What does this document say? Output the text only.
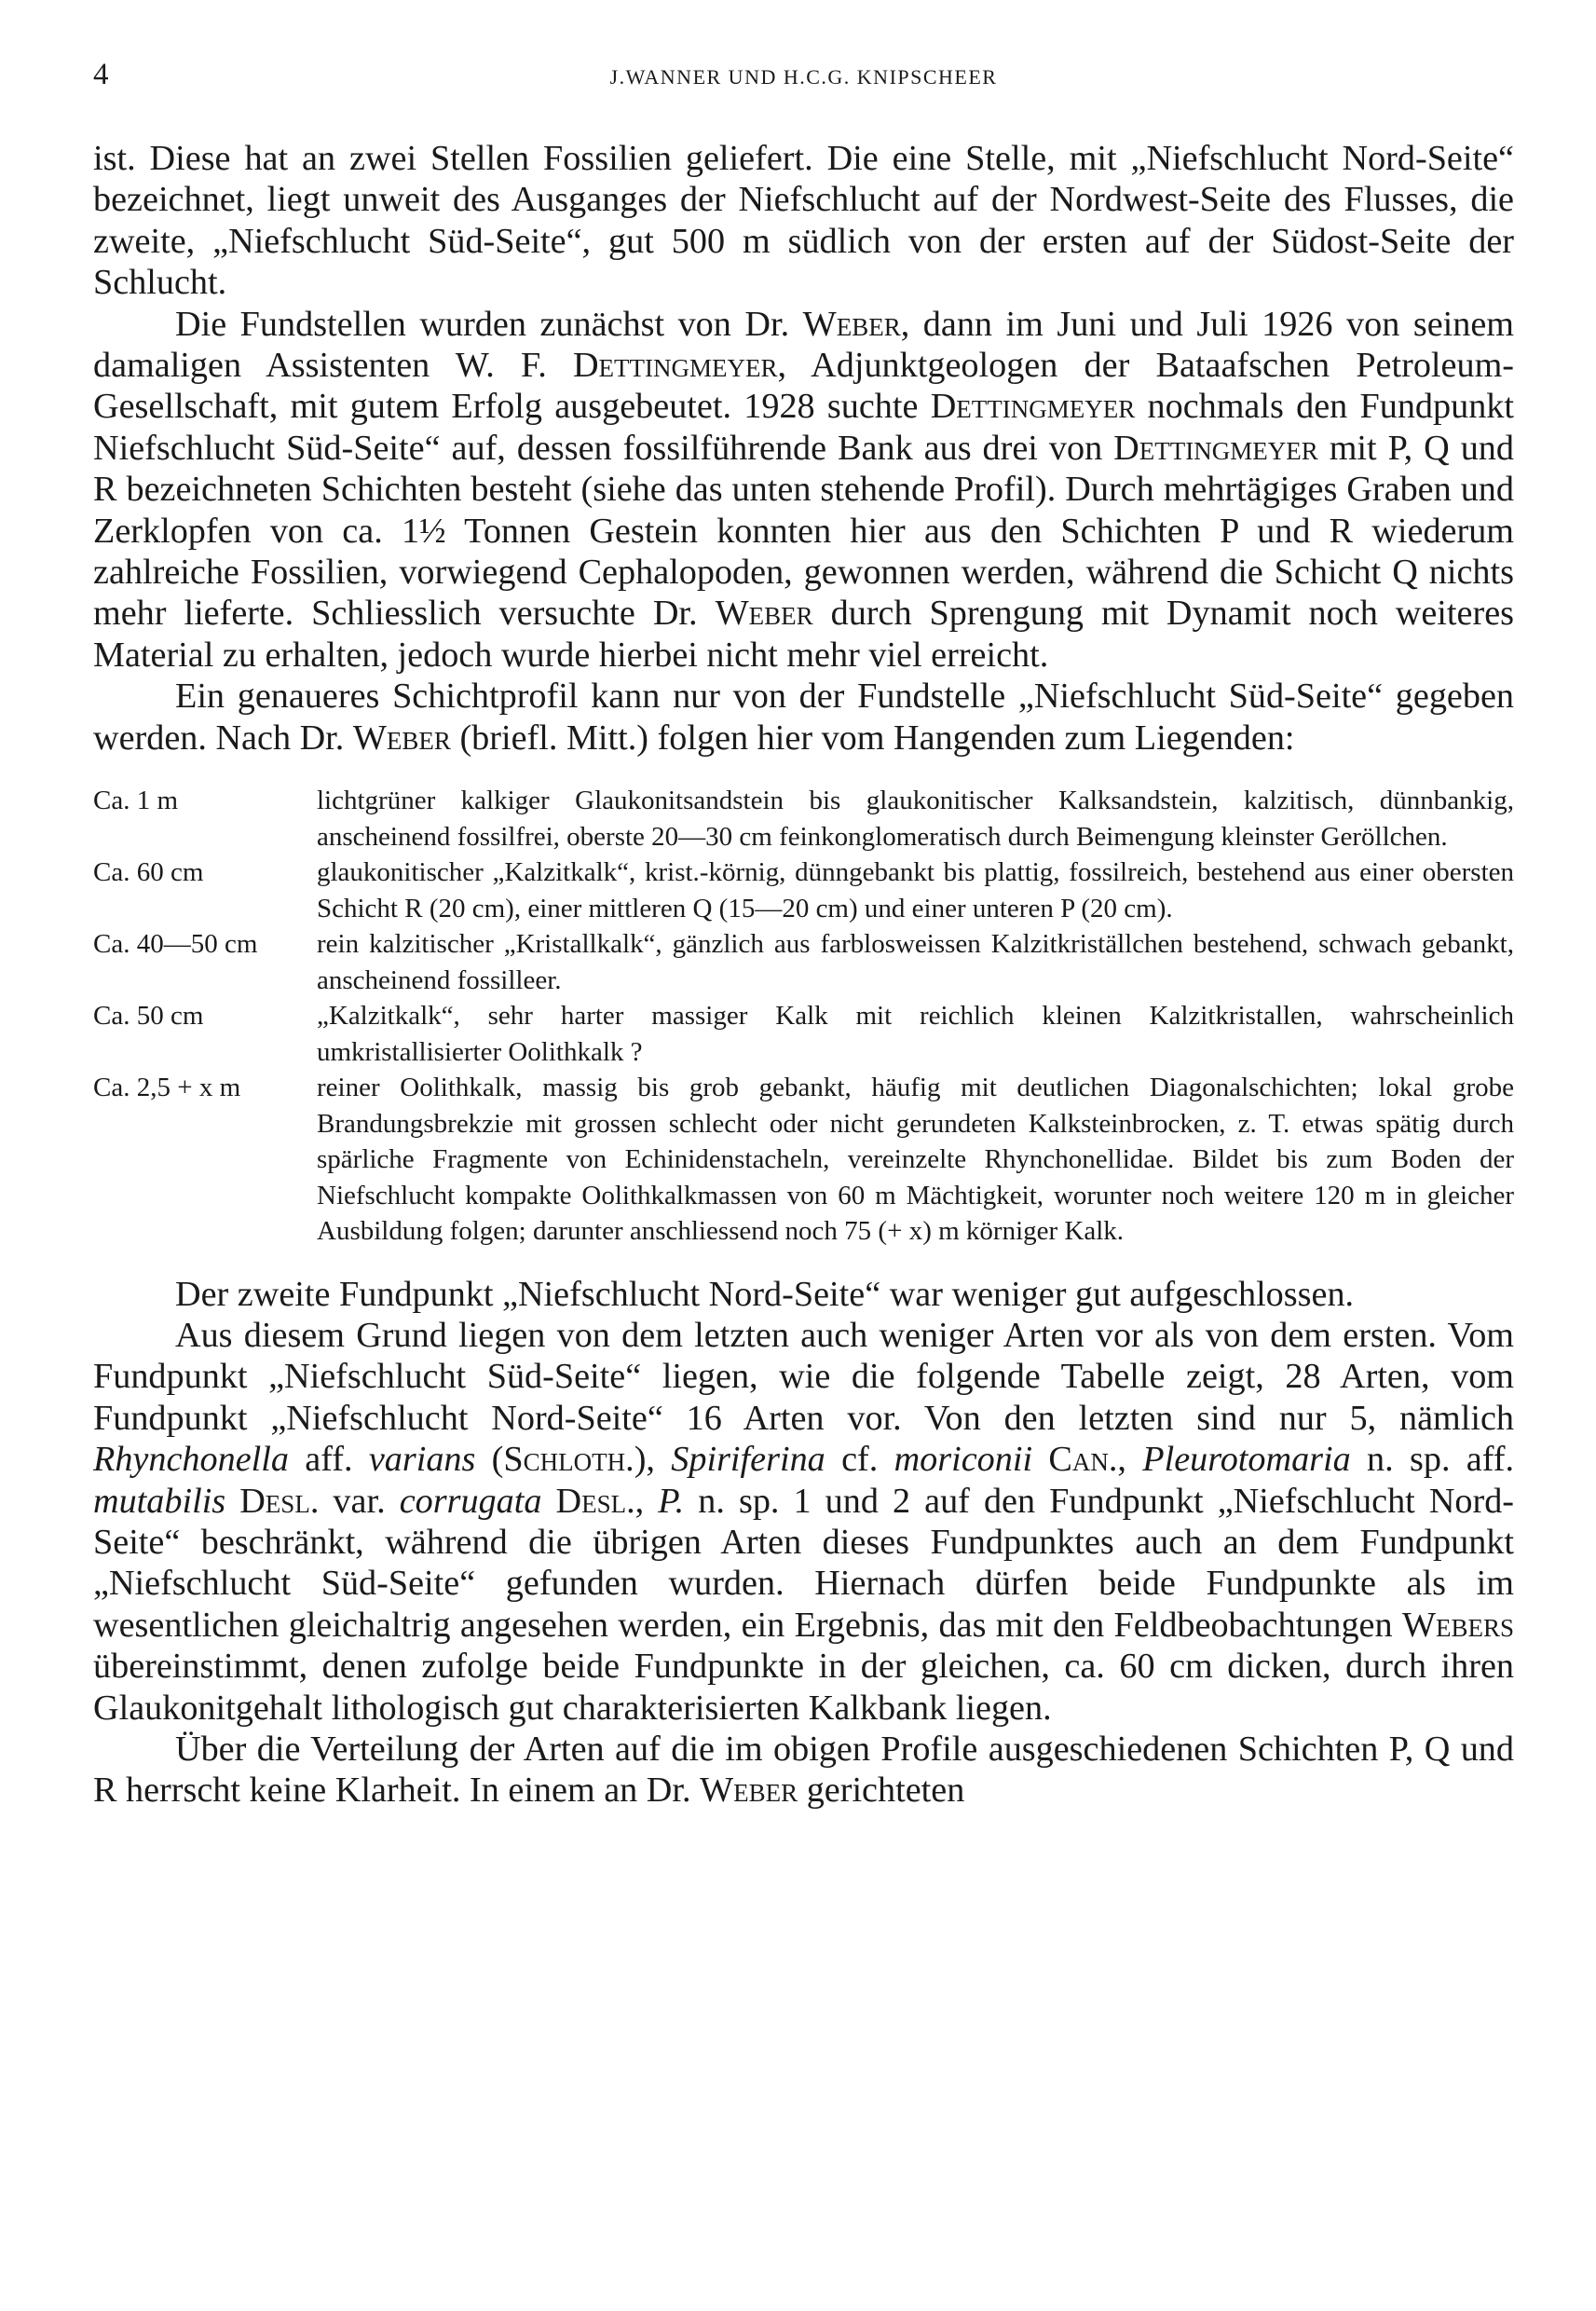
4	J.WANNER UND H.C.G. KNIPSCHEER

ist. Diese hat an zwei Stellen Fossilien geliefert. Die eine Stelle, mit „Niefschlucht Nord-Seite“ bezeichnet, liegt unweit des Ausganges der Niefschlucht auf der Nordwest-Seite des Flusses, die zweite, „Niefschlucht Süd-Seite“, gut 500 m südlich von der ersten auf der Südost-Seite der Schlucht.

Die Fundstellen wurden zunächst von Dr. Weber, dann im Juni und Juli 1926 von seinem damaligen Assistenten W. F. Dettingmeyer, Adjunktgeologen der Bataafschen Petroleum-Gesellschaft, mit gutem Erfolg ausgebeutet. 1928 suchte Dettingmeyer nochmals den Fundpunkt Niefschlucht Süd-Seite“ auf, dessen fossilführende Bank aus drei von Dettingmeyer mit P, Q und R bezeichneten Schichten besteht (siehe das unten stehende Profil). Durch mehrtägiges Graben und Zerklopfen von ca. 1½ Tonnen Gestein konnten hier aus den Schichten P und R wiederum zahlreiche Fossilien, vorwiegend Cephalopoden, gewonnen werden, während die Schicht Q nichts mehr lieferte. Schliesslich versuchte Dr. Weber durch Sprengung mit Dynamit noch weiteres Material zu erhalten, jedoch wurde hierbei nicht mehr viel erreicht.

Ein genaueres Schichtprofil kann nur von der Fundstelle „Niefschlucht Süd-Seite“ gegeben werden. Nach Dr. Weber (briefl. Mitt.) folgen hier vom Hangenden zum Liegenden:

Ca. 1 m	lichtgrüner kalkiger Glaukonitsandstein bis glaukonitischer Kalksandstein, kalzitisch, dünnbankig, anscheinend fossilfrei, oberste 20—30 cm feinkonglomeratisch durch Beimengung kleinster Geröllchen.
Ca. 60 cm	glaukonitischer „Kalzitkalk“, krist.-körnig, dünngebankt bis plattig, fossilreich, bestehend aus einer obersten Schicht R (20 cm), einer mittleren Q (15—20 cm) und einer unteren P (20 cm).
Ca. 40—50 cm	rein kalzitischer „Kristallkalk“, gänzlich aus farblosweissen Kalzitkriställchen bestehend, schwach gebankt, anscheinend fossilleer.
Ca. 50 cm	„Kalzitkalk“, sehr harter massiger Kalk mit reichlich kleinen Kalzitkristallen, wahrscheinlich umkristallisierter Oolithkalk ?
Ca. 2,5 + x m	reiner Oolithkalk, massig bis grob gebankt, häufig mit deutlichen Diagonalschichten; lokal grobe Brandungsbrekzie mit grossen schlecht oder nicht gerundeten Kalksteinbrocken, z. T. etwas spätig durch spärliche Fragmente von Echinidenstacheln, vereinzelte Rhynchonellidae. Bildet bis zum Boden der Niefschlucht kompakte Oolithkalkmassen von 60 m Mächtigkeit, worunter noch weitere 120 m in gleicher Ausbildung folgen; darunter anschliessend noch 75 (+ x) m körniger Kalk.

Der zweite Fundpunkt „Niefschlucht Nord-Seite“ war weniger gut aufgeschlossen.

Aus diesem Grund liegen von dem letzten auch weniger Arten vor als von dem ersten. Vom Fundpunkt „Niefschlucht Süd-Seite“ liegen, wie die folgende Tabelle zeigt, 28 Arten, vom Fundpunkt „Niefschlucht Nord-Seite“ 16 Arten vor. Von den letzten sind nur 5, nämlich Rhynchonella aff. varians (Schloth.), Spiriferina cf. moriconii Can., Pleurotomaria n. sp. aff. mutabilis Desl. var. corrugata Desl., P. n. sp. 1 und 2 auf den Fundpunkt „Niefschlucht Nord-Seite“ beschränkt, während die übrigen Arten dieses Fundpunktes auch an dem Fundpunkt „Niefschlucht Süd-Seite“ gefunden wurden. Hiernach dürfen beide Fundpunkte als im wesentlichen gleichaltrig angesehen werden, ein Ergebnis, das mit den Feldbeobachtungen Webers übereinstimmt, denen zufolge beide Fundpunkte in der gleichen, ca. 60 cm dicken, durch ihren Glaukonitgehalt lithologisch gut charakterisierten Kalkbank liegen.

Über die Verteilung der Arten auf die im obigen Profile ausgeschiedenen Schichten P, Q und R herrscht keine Klarheit. In einem an Dr. Weber gerichteten
